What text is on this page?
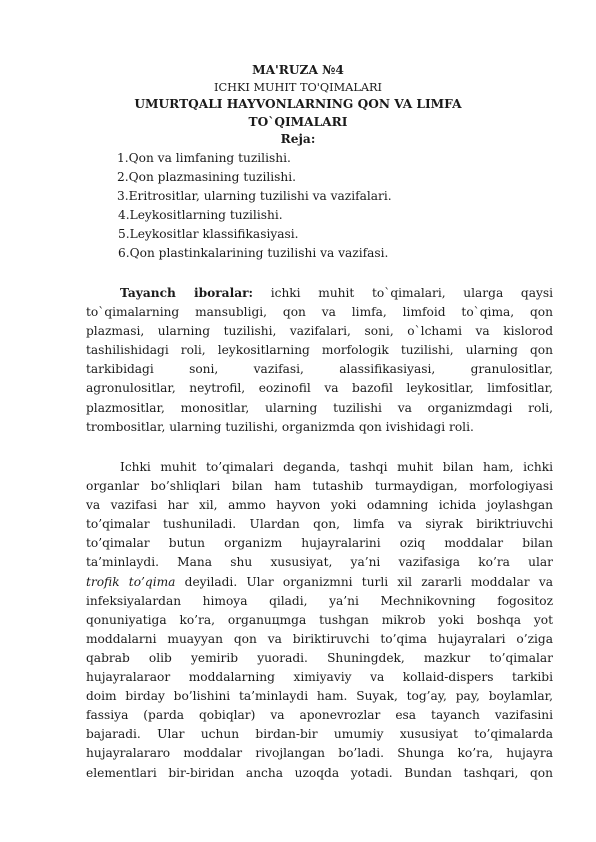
MA'RUZA №4
ICHKI MUHIT TO'QIMALARI
UMURTQALI HAYVONLARNING QON VA LIMFA
TO`QIMALARI
Reja:
1.Qon va limfaning tuzilishi.
2.Qon plazmasining tuzilishi.
3.Eritrositlar, ularning tuzilishi va vazifalari.
4.Leykositlarning tuzilishi.
5.Leykositlar klassifikasiyasi.
6.Qon plastinkalarining tuzilishi va vazifasi.
Tayanch iboralar: ichki muhit to`qimalari, ularga qaysi
to`qimalarning mansubligi, qon va limfa, limfoid to`qima, qon
plazmasi, ularning tuzilishi, vazifalari, soni, o`lchami va kislorod
tashilishidagi roli, leykositlarning morfologik tuzilishi, ularning qon
tarkibidagi soni, vazifasi, alassifikasiyasi, granulositlar,
agronulositlar, neytrofil, eozinofil va bazofil leykositlar, limfositlar,
plazmositlar, monositlar, ularning tuzilishi va organizmdagi roli,
trombositlar, ularning tuzilishi, organizmda qon ivishidagi roli.
Ichki muhit to’qimalari deganda, tashqi muhit bilan ham, ichki
organlar bo’shliqlari bilan ham tutashib turmaydigan, morfologiyasi
va vazifasi har xil, ammo hayvon yoki odamning ichida joylashgan
to’qimalar tushuniladi. Ulardan qon, limfa va siyrak biriktriuvchi
to’qimalar butun organizm hujayralarini oziq moddalar bilan
ta’minlaydi. Mana shu xususiyat, ya’ni vazifasiga ko’ra ular
trofik to’qima deyiladi. Ular organizmni turli xil zararli moddalar va
infeksiyalardan himoya qiladi, ya’ni Mechnikovning fogositoz
qonuniyatiga ko’ra, organuцmga tushgan mikrob yoki boshqa yot
moddalarni muayyan qon va biriktiruvchi to’qima hujayralari o’ziga
qabrab olib yemirib yuoradi. Shuningdek, mazkur to’qimalar
hujayralaraor moddalarning ximiyaviy va kollaid-dispers tarkibi
doim birday bo’lishini ta’minlaydi ham. Suyak, tog’ay, pay, boylamlar,
fassiya (parda qobiqlar) va aponevrozlar esa tayanch vazifasini
bajaradi. Ular uchun birdan-bir umumiy xususiyat to’qimalarda
hujayralararo moddalar rivojlangan bo’ladi. Shunga ko’ra, hujayra
elementlari bir-biridan ancha uzoqda yotadi. Bundan tashqari, qon
